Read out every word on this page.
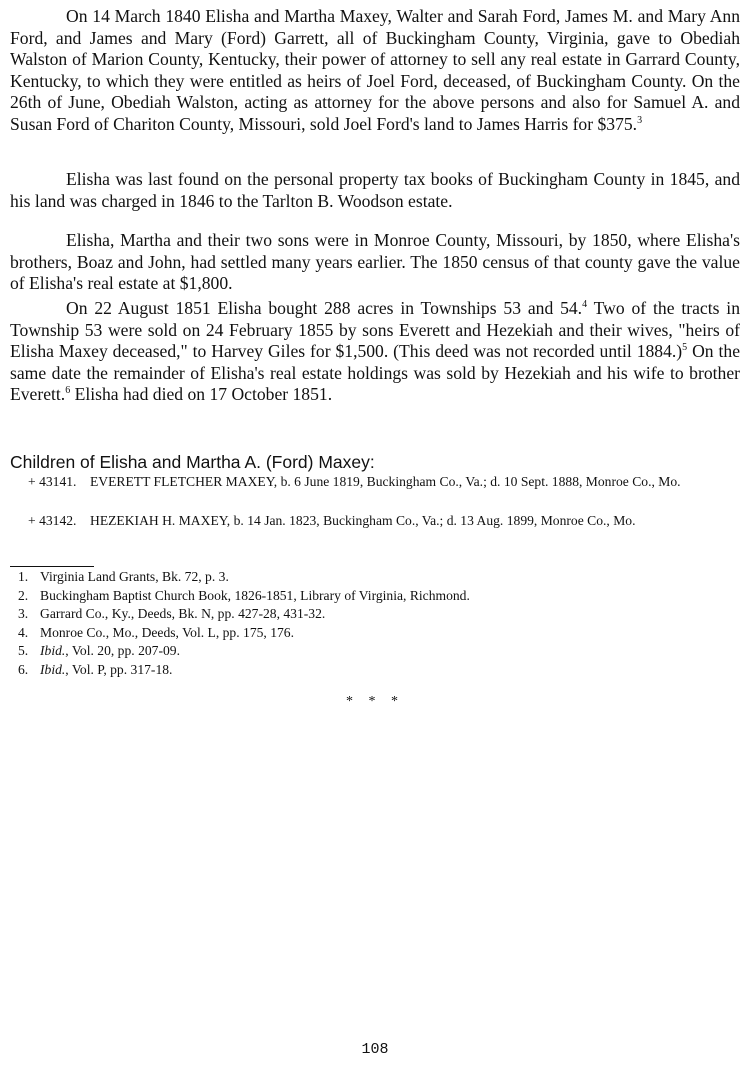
On 14 March 1840 Elisha and Martha Maxey, Walter and Sarah Ford, James M. and Mary Ann Ford, and James and Mary (Ford) Garrett, all of Buckingham County, Virginia, gave to Obediah Walston of Marion County, Kentucky, their power of attorney to sell any real estate in Garrard County, Kentucky, to which they were entitled as heirs of Joel Ford, deceased, of Buckingham County. On the 26th of June, Obediah Walston, acting as attorney for the above persons and also for Samuel A. and Susan Ford of Chariton County, Missouri, sold Joel Ford's land to James Harris for $375.$^3$

Elisha was last found on the personal property tax books of Buckingham County in 1845, and his land was charged in 1846 to the Tarlton B. Woodson estate.

Elisha, Martha and their two sons were in Monroe County, Missouri, by 1850, where Elisha's brothers, Boaz and John, had settled many years earlier. The 1850 census of that county gave the value of Elisha's real estate at $1,800.

On 22 August 1851 Elisha bought 288 acres in Townships 53 and 54.$^4$ Two of the tracts in Township 53 were sold on 24 February 1855 by sons Everett and Hezekiah and their wives, "heirs of Elisha Maxey deceased," to Harvey Giles for $1,500. (This deed was not recorded until 1884.)$^5$ On the same date the remainder of Elisha's real estate holdings was sold by Hezekiah and his wife to brother Everett.$^6$ Elisha had died on 17 October 1851.

Children of Elisha and Martha A. (Ford) Maxey:

+ 43141. EVERETT FLETCHER MAXEY, b. 6 June 1819, Buckingham Co., Va.; d. 10 Sept. 1888, Monroe Co., Mo.
+ 43142. HEZEKIAH H. MAXEY, b. 14 Jan. 1823, Buckingham Co., Va.; d. 13 Aug. 1899, Monroe Co., Mo.
1. Virginia Land Grants, Bk. 72, p. 3.
2. Buckingham Baptist Church Book, 1826-1851, Library of Virginia, Richmond.
3. Garrard Co., Ky., Deeds, Bk. N, pp. 427-28, 431-32.
4. Monroe Co., Mo., Deeds, Vol. L, pp. 175, 176.
5. Ibid., Vol. 20, pp. 207-09.
6. Ibid., Vol. P, pp. 317-18.
* * *
108
